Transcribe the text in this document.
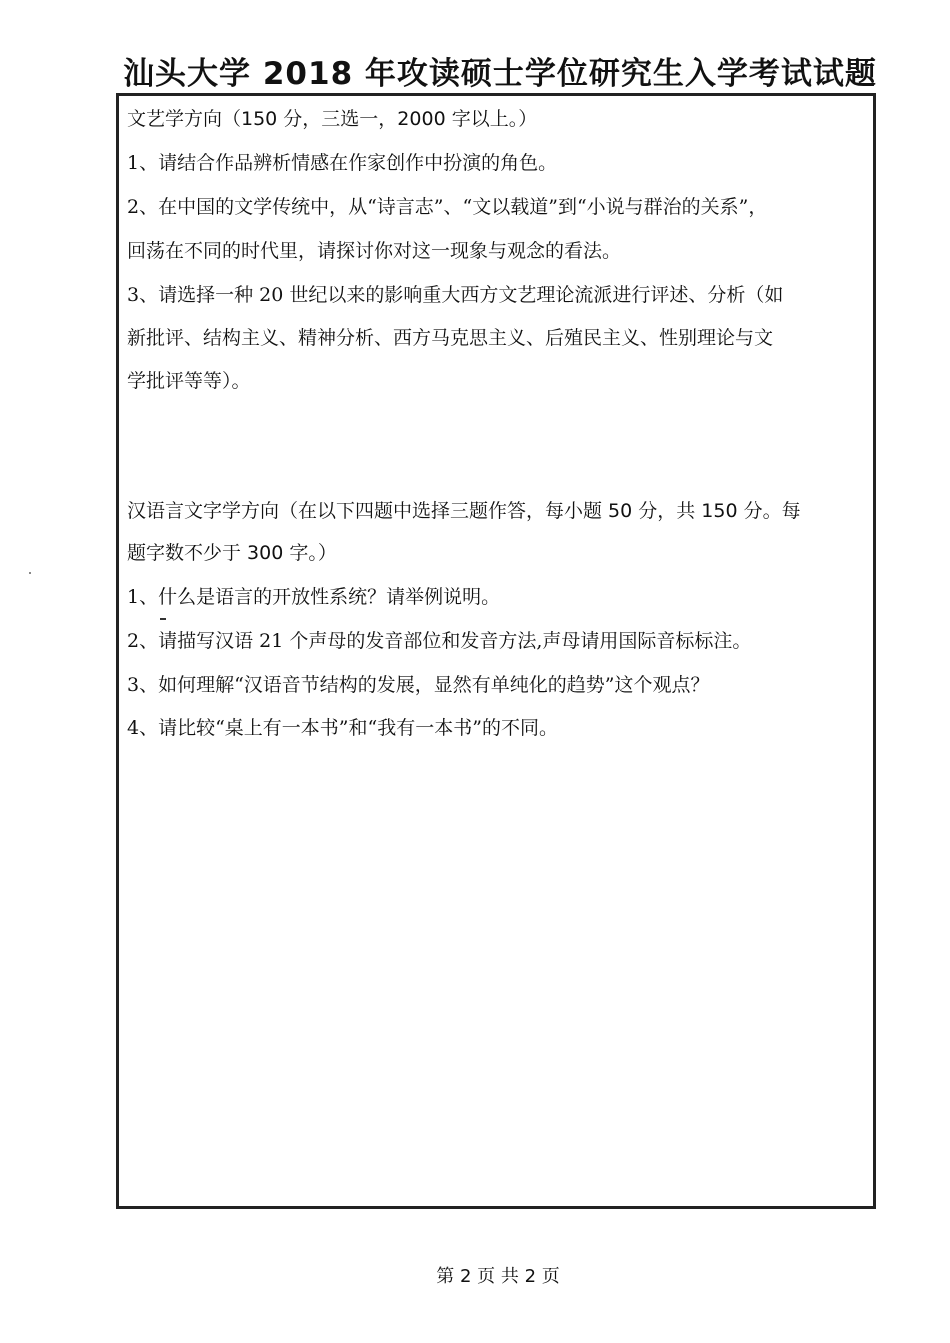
汕头大学 2018 年攻读硕士学位研究生入学考试试题
文艺学方向（150 分，三选一，2000 字以上。）
1、请结合作品辨析情感在作家创作中扮演的角色。
2、在中国的文学传统中，从“诗言志”、“文以载道”到“小说与群治的关系”，
回荡在不同的时代里，请探讨你对这一现象与观念的看法。
3、请选择一种 20 世纪以来的影响重大西方文艺理论流派进行评述、分析（如
新批评、结构主义、精神分析、西方马克思主义、后殖民主义、性别理论与文
学批评等等）。
汉语言文字学方向（在以下四题中选择三题作答，每小题 50 分，共 150 分。每
题字数不少于 300 字。）
1、什么是语言的开放性系统？请举例说明。
2、请描写汉语 21 个声母的发音部位和发音方法,声母请用国际音标标注。
3、如何理解“汉语音节结构的发展，显然有单纯化的趋势”这个观点？
4、请比较“桌上有一本书”和“我有一本书”的不同。
第 2 页 共 2 页
